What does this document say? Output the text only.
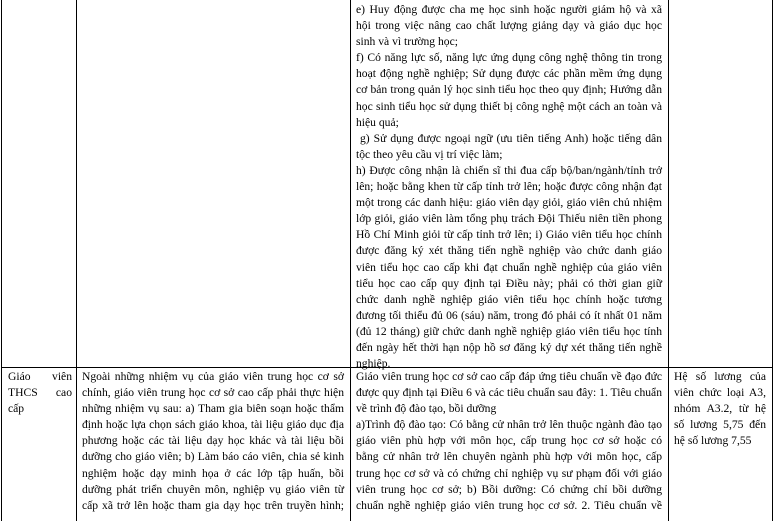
e) Huy động được cha mẹ học sinh hoặc người giám hộ và xã

hội trong việc nâng cao chất lượng giảng dạy và giáo dục học

sinh và vì trường học;

f) Có năng lực số, năng lực ứng dụng công nghệ thông tin trong

hoạt động nghề nghiệp; Sử dụng được các phần mềm ứng dụng

cơ bản trong quản lý học sinh tiểu học theo quy định; Hướng dẫn

học sinh tiểu học sử dụng thiết bị công nghệ một cách an toàn và

hiệu quả;

g) Sử dụng được ngoại ngữ (ưu tiên tiếng Anh) hoặc tiếng dân

tộc theo yêu cầu vị trí việc làm;

h) Được công nhận là chiến sĩ thi đua cấp bộ/ban/ngành/tỉnh trở

lên; hoặc bằng khen từ cấp tỉnh trở lên; hoặc được công nhận đạt

một trong các danh hiệu: giáo viên dạy giỏi, giáo viên chủ nhiệm

lớp giỏi, giáo viên làm tổng phụ trách Đội Thiếu niên tiền phong

Hồ Chí Minh giỏi từ cấp tỉnh trở lên; i) Giáo viên tiểu học chính

được đăng ký xét thăng tiến nghề nghiệp vào chức danh giáo

viên tiểu học cao cấp khi đạt chuẩn nghề nghiệp của giáo viên

tiểu học cao cấp quy định tại Điều này; phải có thời gian giữ

chức danh nghề nghiệp giáo viên tiểu học chính hoặc tương

đương tối thiểu đủ 06 (sáu) năm, trong đó phải có ít nhất 01 năm

(đủ 12 tháng) giữ chức danh nghề nghiệp giáo viên tiểu học tính

đến ngày hết thời hạn nộp hồ sơ đăng ký dự xét thăng tiến nghề

nghiệp.

Giáo viên

THCS cao

cấp

Ngoài những nhiệm vụ của giáo viên trung học cơ sở

chính, giáo viên trung học cơ sở cao cấp phải thực hiện

những nhiệm vụ sau: a) Tham gia biên soạn hoặc thẩm

định hoặc lựa chọn sách giáo khoa, tài liệu giáo dục địa

phương hoặc các tài liệu dạy học khác và tài liệu bồi

dưỡng cho giáo viên; b) Làm báo cáo viên, chia sẻ kinh

nghiệm hoặc dạy minh họa ở các lớp tập huấn, bồi

dưỡng phát triển chuyên môn, nghiệp vụ giáo viên từ

cấp xã trở lên hoặc tham gia dạy học trên truyền hình;

Giáo viên trung học cơ sở cao cấp đáp ứng tiêu chuẩn về đạo đức

được quy định tại Điều 6 và các tiêu chuẩn sau đây: 1. Tiêu chuẩn

về trình độ đào tạo, bồi dưỡng

a)Trình độ đào tạo: Có bằng cử nhân trở lên thuộc ngành đào tạo

giáo viên phù hợp với môn học, cấp trung học cơ sở hoặc có

bằng cử nhân trở lên chuyên ngành phù hợp với môn học, cấp

trung học cơ sở và có chứng chỉ nghiệp vụ sư phạm đối với giáo

viên trung học cơ sở; b) Bồi dưỡng: Có chứng chỉ bồi dưỡng

chuẩn nghề nghiệp giáo viên trung học cơ sở. 2. Tiêu chuẩn về

Hệ số lương của

viên chức loại A3,

nhóm A3.2, từ hệ

số lương 5,75 đến

hệ số lương 7,55
